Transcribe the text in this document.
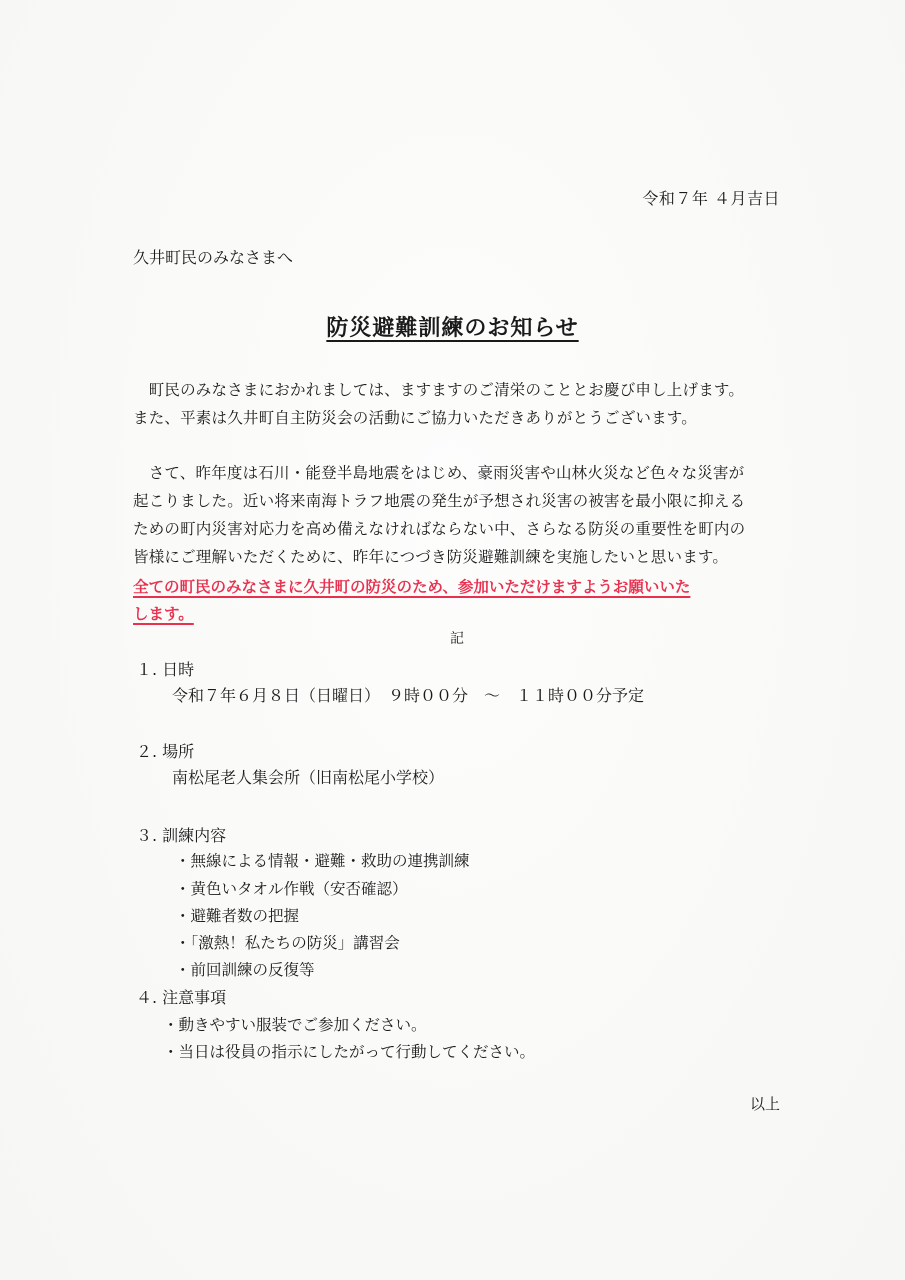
令和７年 ４月吉日
久井町民のみなさまへ
防災避難訓練のお知らせ
　町民のみなさまにおかれましては、ますますのご清栄のこととお慶び申し上げます。
また、平素は久井町自主防災会の活動にご協力いただきありがとうございます。
　さて、昨年度は石川・能登半島地震をはじめ、豪雨災害や山林火災など色々な災害が
起こりました。近い将来南海トラフ地震の発生が予想され災害の被害を最小限に抑える
ための町内災害対応力を高め備えなければならない中、さらなる防災の重要性を町内の
皆様にご理解いただくために、昨年につづき防災避難訓練を実施したいと思います。
全ての町民のみなさまに久井町の防災のため、参加いただけますようお願いいた
します。
記
１. 日時
令和７年６月８日（日曜日）　９時００分　～　１１時００分予定
２. 場所
南松尾老人集会所（旧南松尾小学校）
３. 訓練内容
・無線による情報・避難・救助の連携訓練
・黄色いタオル作戦（安否確認）
・避難者数の把握
・「激熱！私たちの防災」講習会
・前回訓練の反復等
４. 注意事項
・動きやすい服装でご参加ください。
・当日は役員の指示にしたがって行動してください。
以上
